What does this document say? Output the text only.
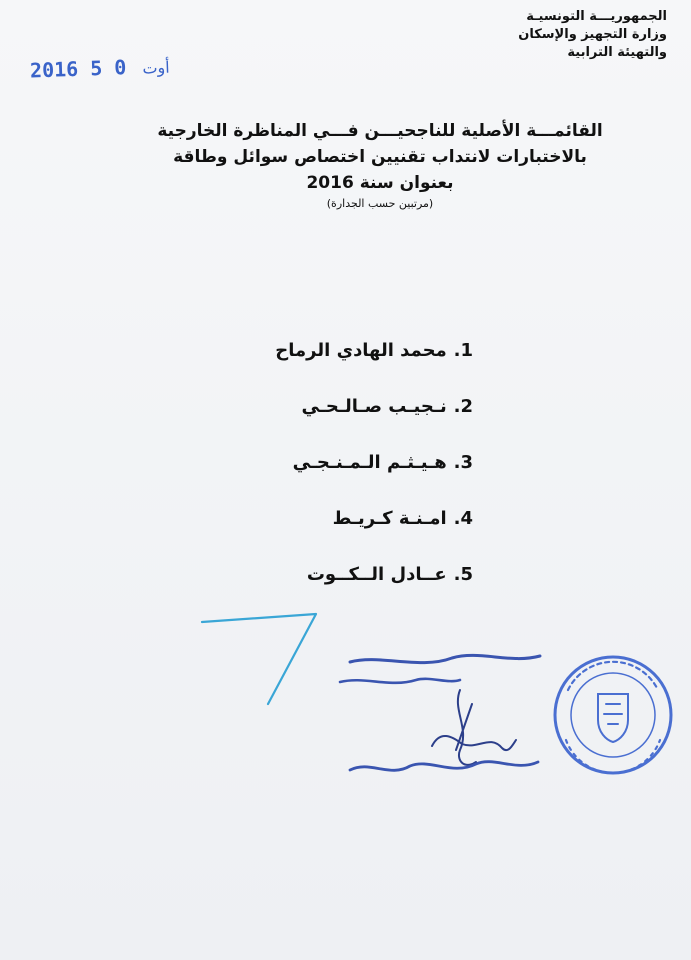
الجمهوريـــة التونسيـة
وزارة التجهيز والإسكان
والتهيئة الترابية
2016	أوت 0 5
القائمـــة الأصلية للناجحيـــن فـــي المناظرة الخارجية
بالاختبارات لانتداب تقنيين اختصاص سوائل وطاقة
بعنوان سنة 2016
(مرتبين حسب الجدارة)
1. محمد الهادي الرماح
2. نـجيـب صـالـحـي
3. هـيـثـم الـمـنـجـي
4. امـنـة كـريـط
5. عــادل الــكــوت
